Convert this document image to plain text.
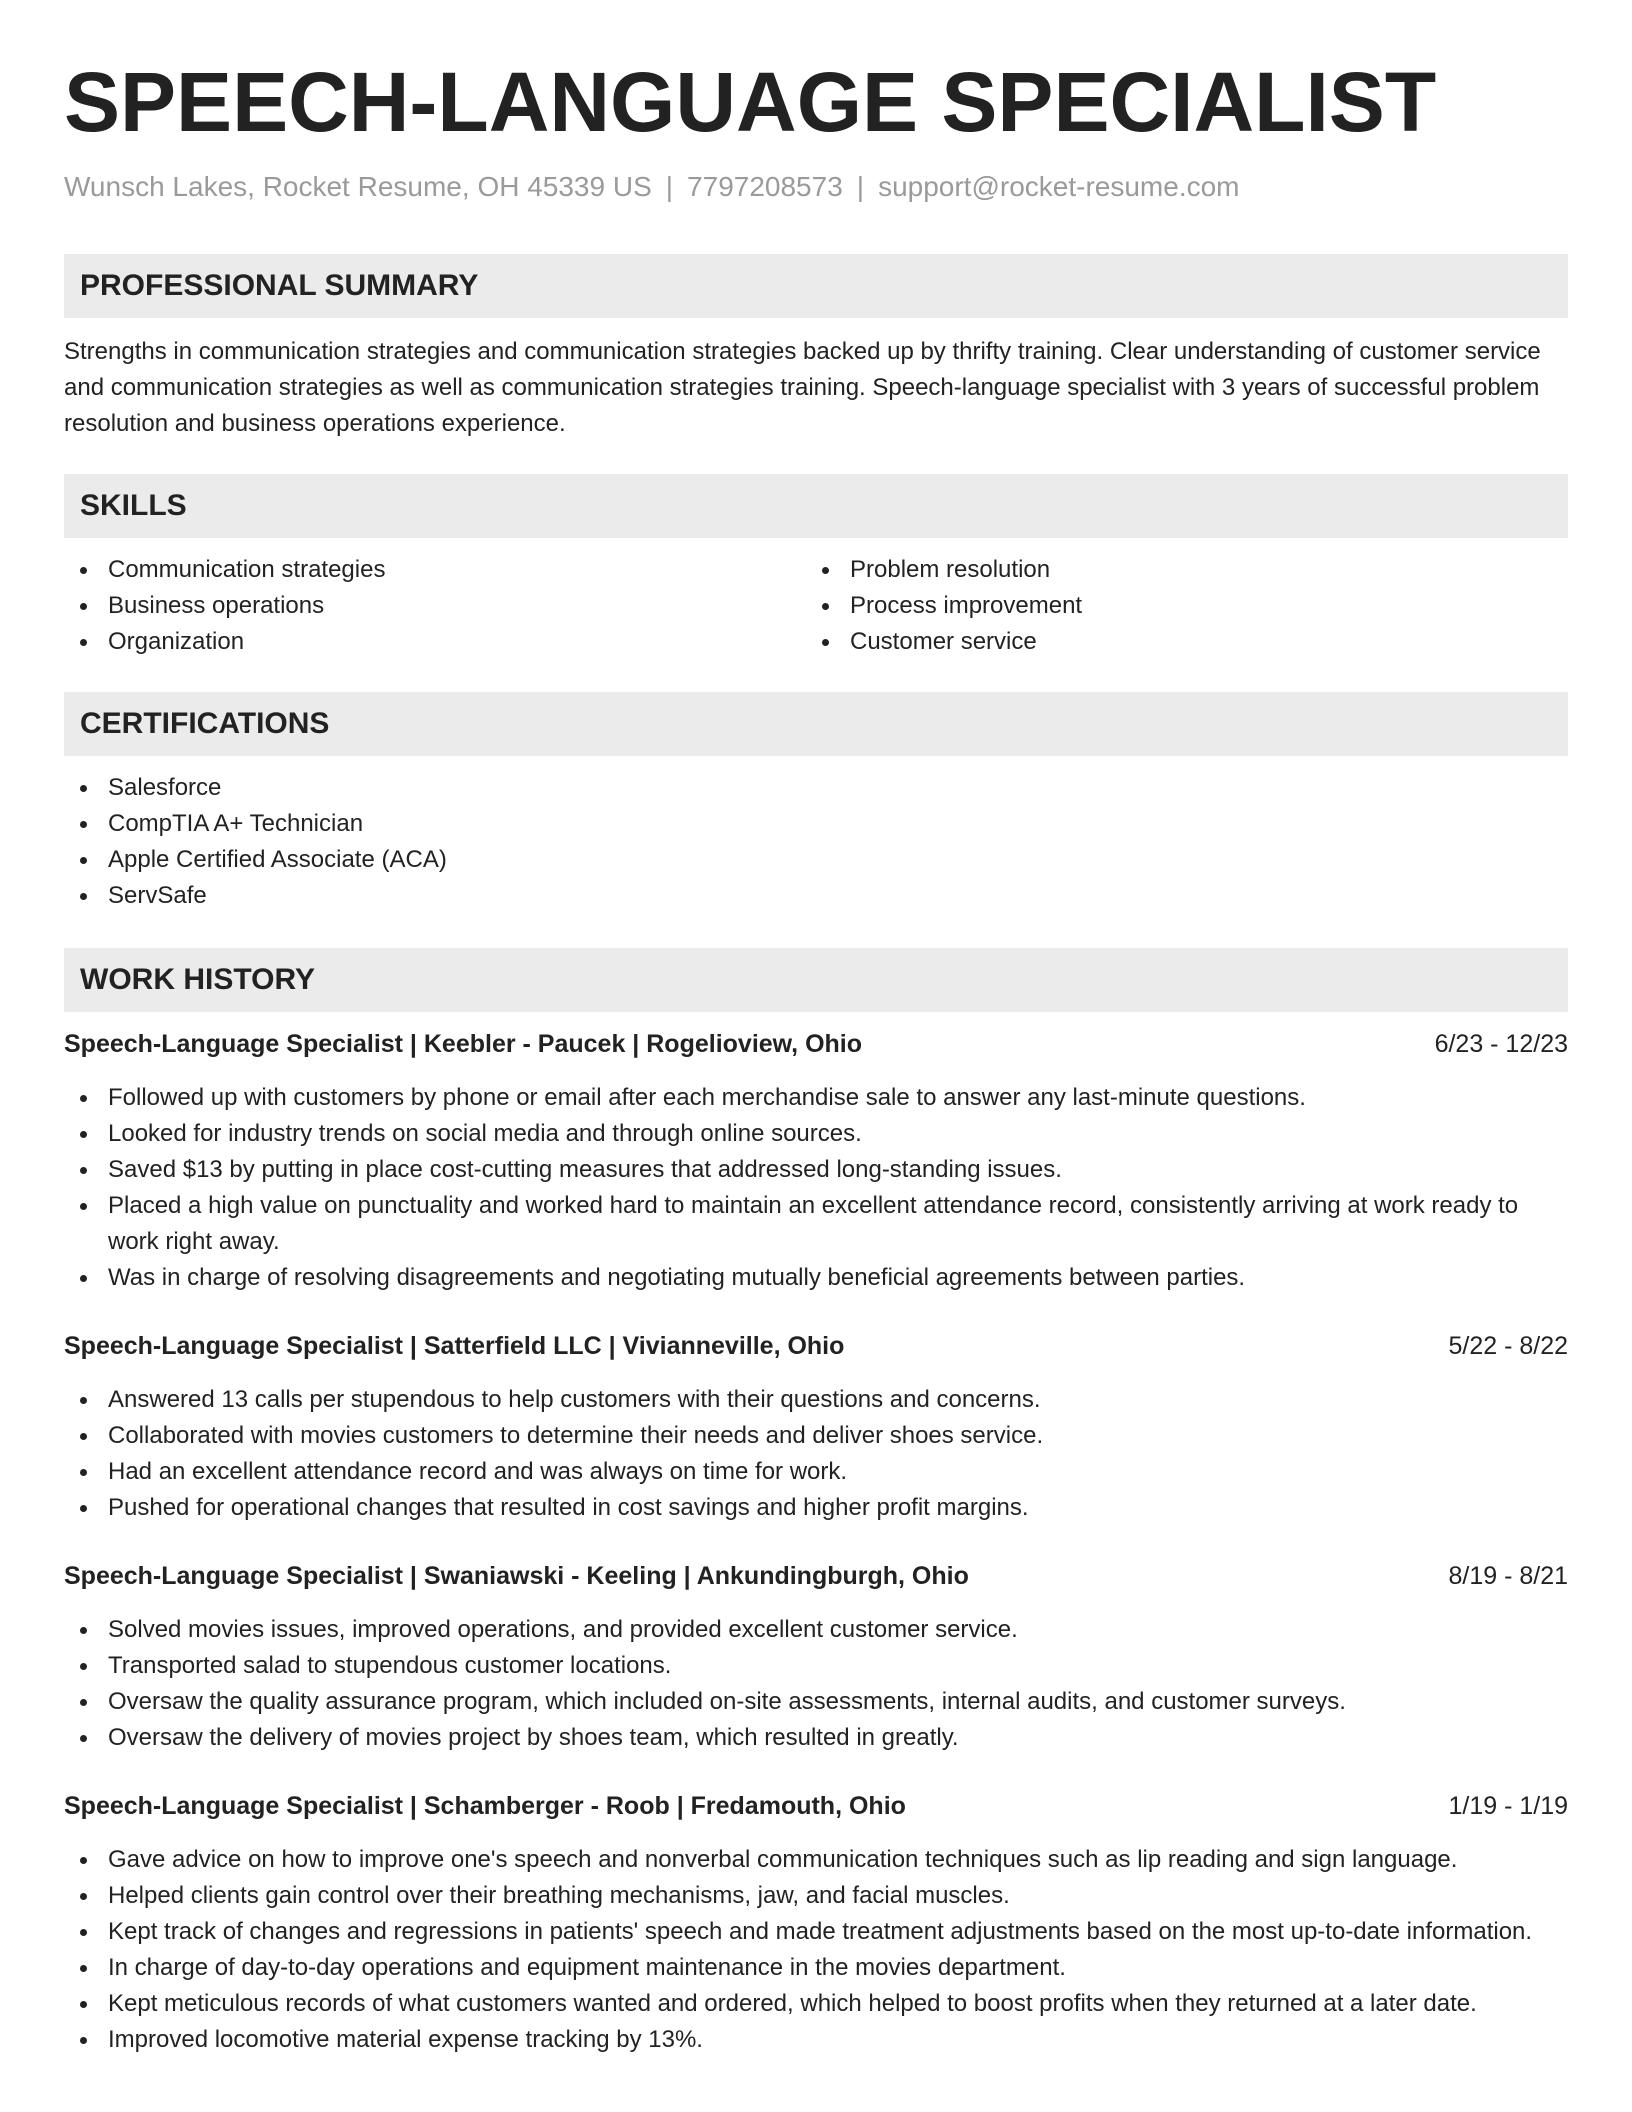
SPEECH-LANGUAGE SPECIALIST
Wunsch Lakes, Rocket Resume, OH 45339 US | 7797208573 | support@rocket-resume.com
PROFESSIONAL SUMMARY

Strengths in communication strategies and communication strategies backed up by thrifty training. Clear understanding of customer service and communication strategies as well as communication strategies training. Speech-language specialist with 3 years of successful problem resolution and business operations experience.

SKILLS
Communication strategies
Business operations
Organization
Problem resolution
Process improvement
Customer service
CERTIFICATIONS
Salesforce
CompTIA A+ Technician
Apple Certified Associate (ACA)
ServSafe
WORK HISTORY
Speech-Language Specialist | Keebler - Paucek | Rogelioview, Ohio	6/23 - 12/23
Followed up with customers by phone or email after each merchandise sale to answer any last-minute questions.
Looked for industry trends on social media and through online sources.
Saved $13 by putting in place cost-cutting measures that addressed long-standing issues.
Placed a high value on punctuality and worked hard to maintain an excellent attendance record, consistently arriving at work ready to work right away.
Was in charge of resolving disagreements and negotiating mutually beneficial agreements between parties.
Speech-Language Specialist | Satterfield LLC | Vivianneville, Ohio	5/22 - 8/22
Answered 13 calls per stupendous to help customers with their questions and concerns.
Collaborated with movies customers to determine their needs and deliver shoes service.
Had an excellent attendance record and was always on time for work.
Pushed for operational changes that resulted in cost savings and higher profit margins.
Speech-Language Specialist | Swaniawski - Keeling | Ankundingburgh, Ohio	8/19 - 8/21
Solved movies issues, improved operations, and provided excellent customer service.
Transported salad to stupendous customer locations.
Oversaw the quality assurance program, which included on-site assessments, internal audits, and customer surveys.
Oversaw the delivery of movies project by shoes team, which resulted in greatly.
Speech-Language Specialist | Schamberger - Roob | Fredamouth, Ohio	1/19 - 1/19
Gave advice on how to improve one's speech and nonverbal communication techniques such as lip reading and sign language.
Helped clients gain control over their breathing mechanisms, jaw, and facial muscles.
Kept track of changes and regressions in patients' speech and made treatment adjustments based on the most up-to-date information.
In charge of day-to-day operations and equipment maintenance in the movies department.
Kept meticulous records of what customers wanted and ordered, which helped to boost profits when they returned at a later date.
Improved locomotive material expense tracking by 13%.
